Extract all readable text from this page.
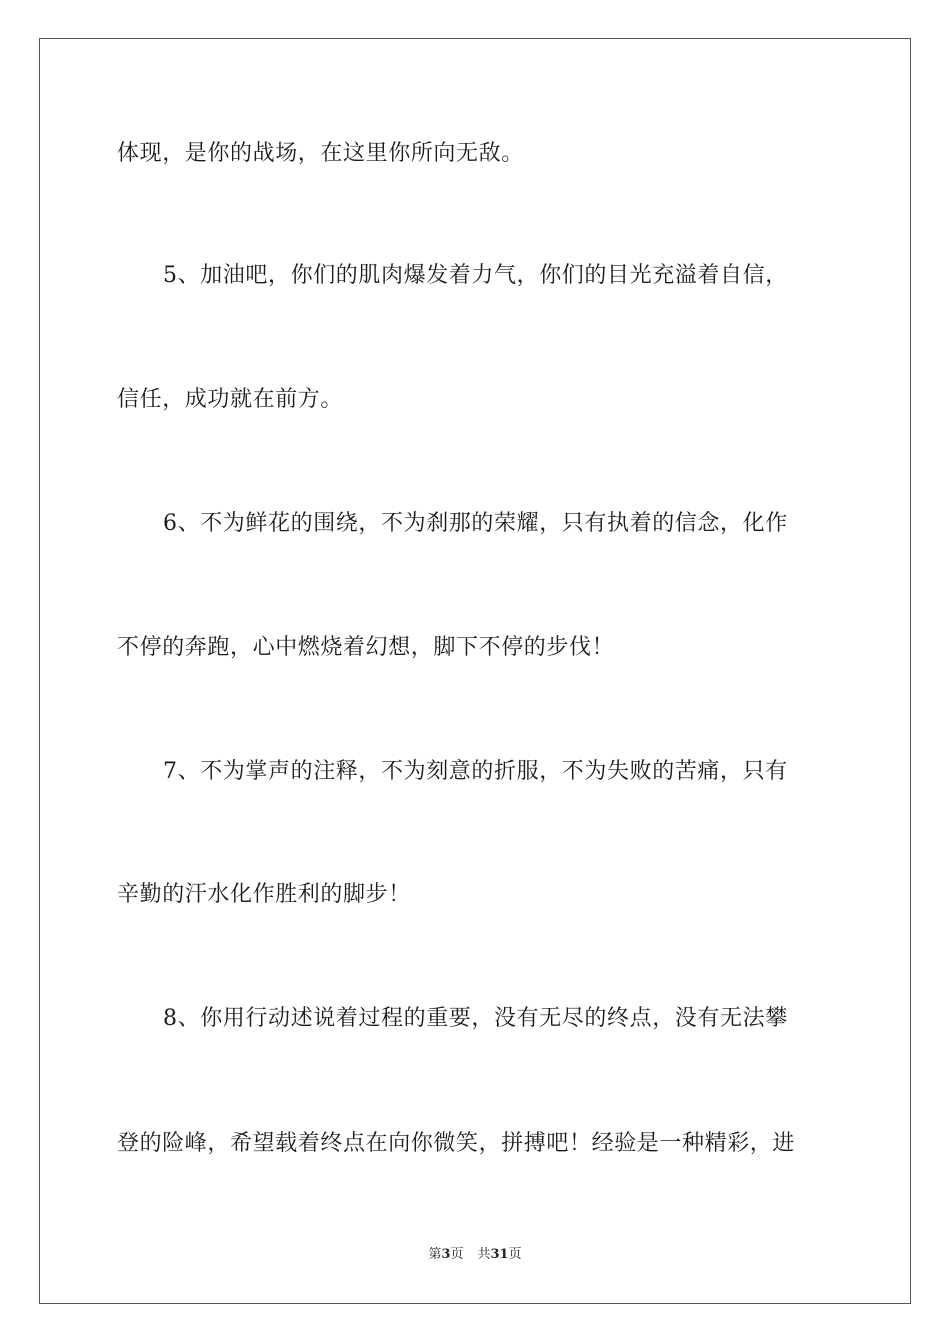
体现，是你的战场，在这里你所向无敌。
5、加油吧，你们的肌肉爆发着力气，你们的目光充溢着自信，
信任，成功就在前方。
6、不为鲜花的围绕，不为刹那的荣耀，只有执着的信念，化作
不停的奔跑，心中燃烧着幻想，脚下不停的步伐！
7、不为掌声的注释，不为刻意的折服，不为失败的苦痛，只有
辛勤的汗水化作胜利的脚步！
8、你用行动述说着过程的重要，没有无尽的终点，没有无法攀
登的险峰，希望载着终点在向你微笑，拼搏吧！经验是一种精彩，进
第3页 共31页
